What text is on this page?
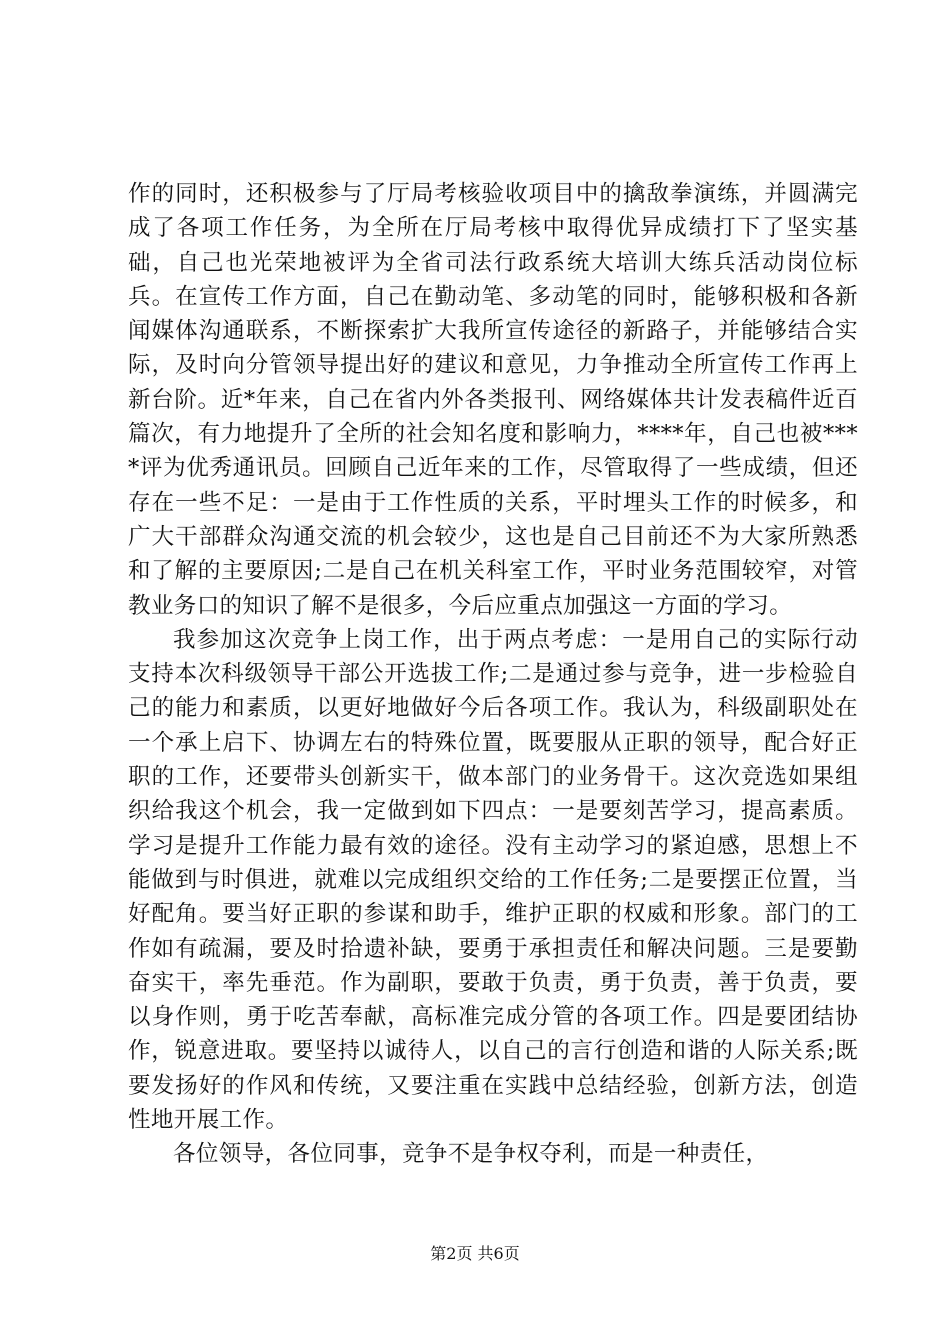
作的同时，还积极参与了厅局考核验收项目中的擒敌拳演练，并圆满完成了各项工作任务，为全所在厅局考核中取得优异成绩打下了坚实基础，自己也光荣地被评为全省司法行政系统大培训大练兵活动岗位标兵。在宣传工作方面，自己在勤动笔、多动笔的同时，能够积极和各新闻媒体沟通联系，不断探索扩大我所宣传途径的新路子，并能够结合实际，及时向分管领导提出好的建议和意见，力争推动全所宣传工作再上新台阶。近*年来，自己在省内外各类报刊、网络媒体共计发表稿件近百篇次，有力地提升了全所的社会知名度和影响力，****年，自己也被****评为优秀通讯员。回顾自己近年来的工作，尽管取得了一些成绩，但还存在一些不足：一是由于工作性质的关系，平时埋头工作的时候多，和广大干部群众沟通交流的机会较少，这也是自己目前还不为大家所熟悉和了解的主要原因;二是自己在机关科室工作，平时业务范围较窄，对管教业务口的知识了解不是很多，今后应重点加强这一方面的学习。

我参加这次竞争上岗工作，出于两点考虑：一是用自己的实际行动支持本次科级领导干部公开选拔工作;二是通过参与竞争，进一步检验自己的能力和素质，以更好地做好今后各项工作。我认为，科级副职处在一个承上启下、协调左右的特殊位置，既要服从正职的领导，配合好正职的工作，还要带头创新实干，做本部门的业务骨干。这次竞选如果组织给我这个机会，我一定做到如下四点：一是要刻苦学习，提高素质。学习是提升工作能力最有效的途径。没有主动学习的紧迫感，思想上不能做到与时俱进，就难以完成组织交给的工作任务;二是要摆正位置，当好配角。要当好正职的参谋和助手，维护正职的权威和形象。部门的工作如有疏漏，要及时拾遗补缺，要勇于承担责任和解决问题。三是要勤奋实干，率先垂范。作为副职，要敢于负责，勇于负责，善于负责，要以身作则，勇于吃苦奉献，高标准完成分管的各项工作。四是要团结协作，锐意进取。要坚持以诚待人，以自己的言行创造和谐的人际关系;既要发扬好的作风和传统，又要注重在实践中总结经验，创新方法，创造性地开展工作。

各位领导，各位同事，竞争不是争权夺利，而是一种责任，

第2页 共6页
